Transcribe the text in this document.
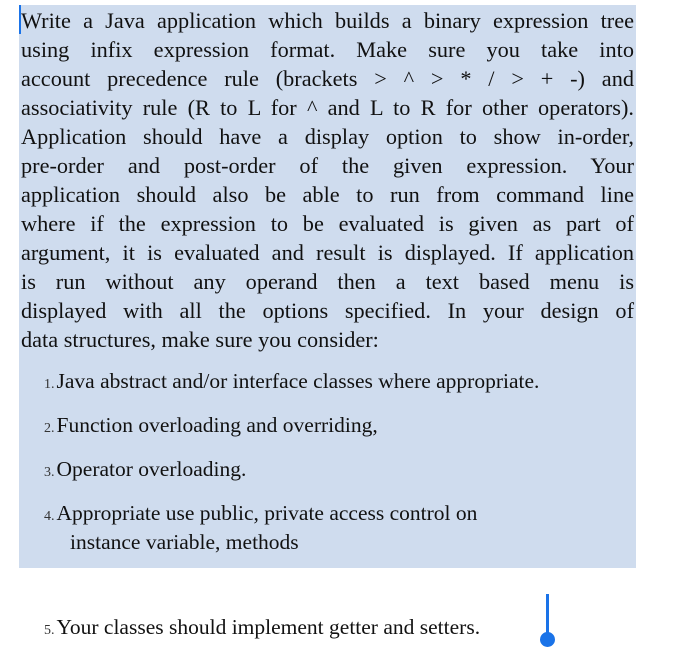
Write a Java application which builds a binary expression tree
using infix expression format. Make sure you take into
account precedence rule (brackets > ^ > * / > + -) and
associativity rule (R to L for ^ and L to R for other operators).
Application should have a display option to show in-order,
pre-order and post-order of the given expression. Your
application should also be able to run from command line
where if the expression to be evaluated is given as part of
argument, it is evaluated and result is displayed. If application
is run without any operand then a text based menu is
displayed with all the options specified. In your design of
data structures, make sure you consider:
1.Java abstract and/or interface classes where appropriate.
2.Function overloading and overriding,
3.Operator overloading.
4.Appropriate use public, private access control on
instance variable, methods
5.Your classes should implement getter and setters.
